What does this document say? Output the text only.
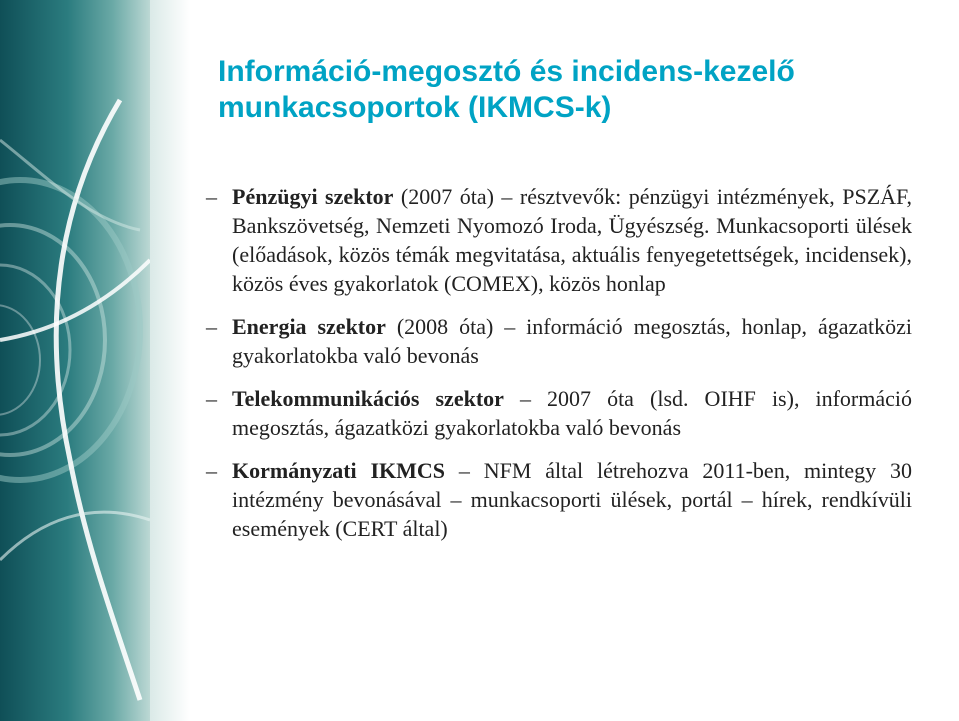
Információ-megosztó és incidens-kezelő munkacsoportok (IKMCS-k)
– Pénzügyi szektor (2007 óta) – résztvevők: pénzügyi intézmények, PSZÁF, Bankszövetség, Nemzeti Nyomozó Iroda, Ügyészség. Munkacsoporti ülések (előadások, közös témák megvitatása, aktuális fenyegetettségek, incidensek), közös éves gyakorlatok (COMEX), közös honlap
– Energia szektor (2008 óta) – információ megosztás, honlap, ágazatközi gyakorlatokba való bevonás
– Telekommunikációs szektor – 2007 óta (lsd. OIHF is), információ megosztás, ágazatközi gyakorlatokba való bevonás
– Kormányzati IKMCS – NFM által létrehozva 2011-ben, mintegy 30 intézmény bevonásával – munkacsoporti ülések, portál – hírek, rendkívüli események (CERT által)
